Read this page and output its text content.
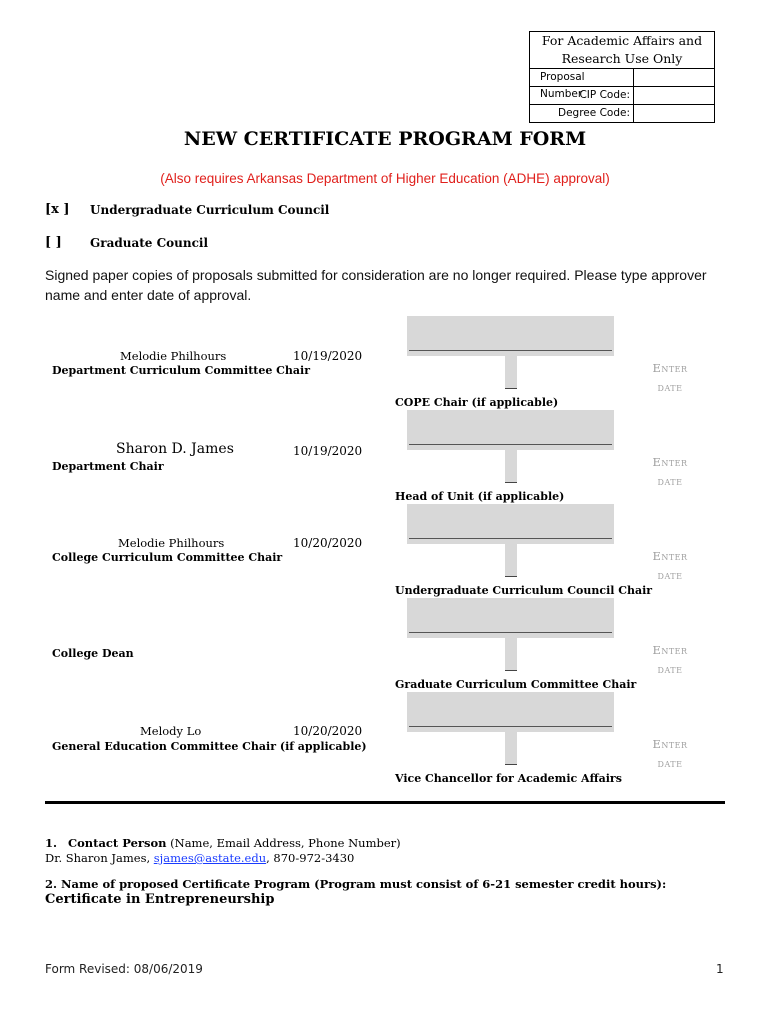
For Academic Affairs and Research Use Only
Proposal Number
CIP Code:
Degree Code:
NEW CERTIFICATE PROGRAM FORM
(Also requires Arkansas Department of Higher Education (ADHE) approval)
[x ] Undergraduate Curriculum Council
[ ] Graduate Council
Signed paper copies of proposals submitted for consideration are no longer required. Please type approver name and enter date of approval.
Melodie Philhours	10/19/2020
Department Curriculum Committee Chair
Sharon D. James	10/19/2020
Department Chair
Melodie Philhours	10/20/2020
College Curriculum Committee Chair
College Dean
Melody Lo	10/20/2020
General Education Committee Chair (if applicable)
Enter date
COPE Chair (if applicable)
Enter date
Head of Unit (if applicable)
Enter date
Undergraduate Curriculum Council Chair
Enter date
Graduate Curriculum Committee Chair
Enter date
Vice Chancellor for Academic Affairs
1. Contact Person (Name, Email Address, Phone Number)
Dr. Sharon James, sjames@astate.edu, 870-972-3430
2. Name of proposed Certificate Program (Program must consist of 6-21 semester credit hours):
Certificate in Entrepreneurship
Form Revised: 08/06/2019	1
